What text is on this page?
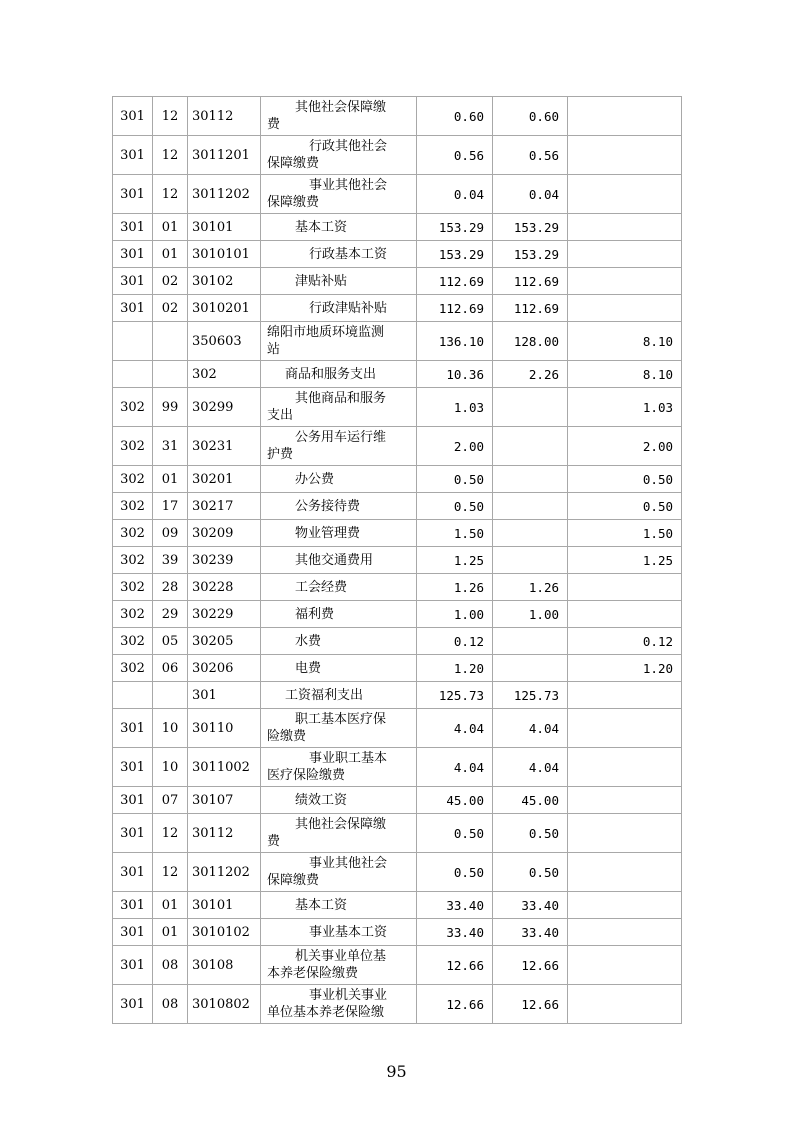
301	12	30112	其他社会保障缴
费	0.60	0.60	
301	12	3011201	行政其他社会
保障缴费	0.56	0.56	
301	12	3011202	事业其他社会
保障缴费	0.04	0.04	
301	01	30101	基本工资	153.29	153.29	
301	01	3010101	行政基本工资	153.29	153.29	
301	02	30102	津贴补贴	112.69	112.69	
301	02	3010201	行政津贴补贴	112.69	112.69	
		350603	绵阳市地质环境监测
站	136.10	128.00	8.10
		302	商品和服务支出	10.36	2.26	8.10
302	99	30299	其他商品和服务
支出	1.03		1.03
302	31	30231	公务用车运行维
护费	2.00		2.00
302	01	30201	办公费	0.50		0.50
302	17	30217	公务接待费	0.50		0.50
302	09	30209	物业管理费	1.50		1.50
302	39	30239	其他交通费用	1.25		1.25
302	28	30228	工会经费	1.26	1.26	
302	29	30229	福利费	1.00	1.00	
302	05	30205	水费	0.12		0.12
302	06	30206	电费	1.20		1.20
		301	工资福利支出	125.73	125.73	
301	10	30110	职工基本医疗保
险缴费	4.04	4.04	
301	10	3011002	事业职工基本
医疗保险缴费	4.04	4.04	
301	07	30107	绩效工资	45.00	45.00	
301	12	30112	其他社会保障缴
费	0.50	0.50	
301	12	3011202	事业其他社会
保障缴费	0.50	0.50	
301	01	30101	基本工资	33.40	33.40	
301	01	3010102	事业基本工资	33.40	33.40	
301	08	30108	机关事业单位基
本养老保险缴费	12.66	12.66	
301	08	3010802	事业机关事业
单位基本养老保险缴	12.66	12.66	
95
